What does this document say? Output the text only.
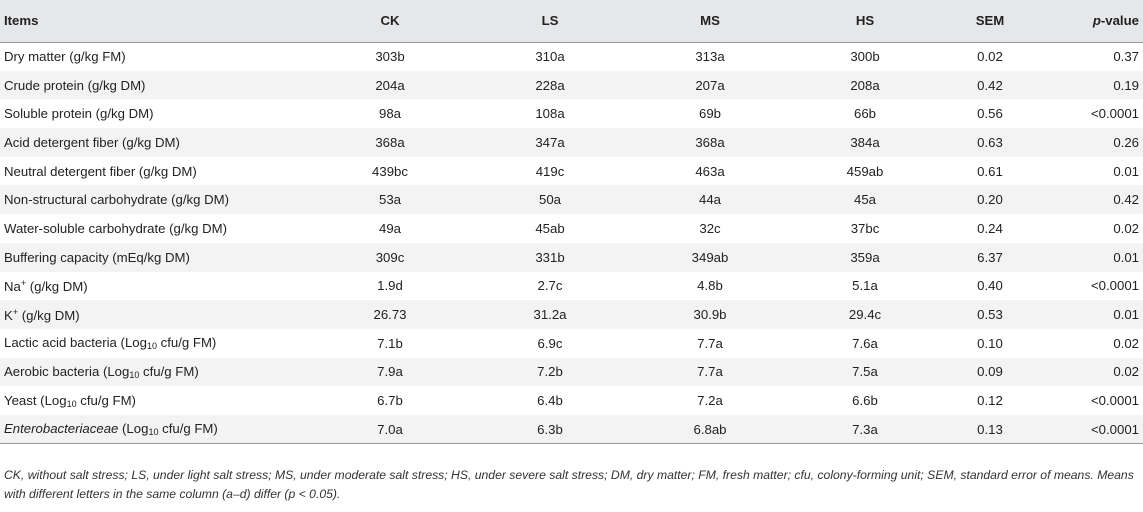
Items	CK	LS	MS	HS	SEM	p-value
Dry matter (g/kg FM)	303b	310a	313a	300b	0.02	0.37
Crude protein (g/kg DM)	204a	228a	207a	208a	0.42	0.19
Soluble protein (g/kg DM)	98a	108a	69b	66b	0.56	<0.0001
Acid detergent fiber (g/kg DM)	368a	347a	368a	384a	0.63	0.26
Neutral detergent fiber (g/kg DM)	439bc	419c	463a	459ab	0.61	0.01
Non-structural carbohydrate (g/kg DM)	53a	50a	44a	45a	0.20	0.42
Water-soluble carbohydrate (g/kg DM)	49a	45ab	32c	37bc	0.24	0.02
Buffering capacity (mEq/kg DM)	309c	331b	349ab	359a	6.37	0.01
Na+ (g/kg DM)	1.9d	2.7c	4.8b	5.1a	0.40	<0.0001
K+ (g/kg DM)	26.73	31.2a	30.9b	29.4c	0.53	0.01
Lactic acid bacteria (Log$_{10}$ cfu/g FM)	7.1b	6.9c	7.7a	7.6a	0.10	0.02
Aerobic bacteria (Log$_{10}$ cfu/g FM)	7.9a	7.2b	7.7a	7.5a	0.09	0.02
Yeast (Log$_{10}$ cfu/g FM)	6.7b	6.4b	7.2a	6.6b	0.12	<0.0001
Enterobacteriaceae (Log$_{10}$ cfu/g FM)	7.0a	6.3b	6.8ab	7.3a	0.13	<0.0001
CK, without salt stress; LS, under light salt stress; MS, under moderate salt stress; HS, under severe salt stress; DM, dry matter; FM, fresh matter; cfu, colony-forming unit; SEM, standard error of means. Means with different letters in the same column (a–d) differ (p < 0.05).
